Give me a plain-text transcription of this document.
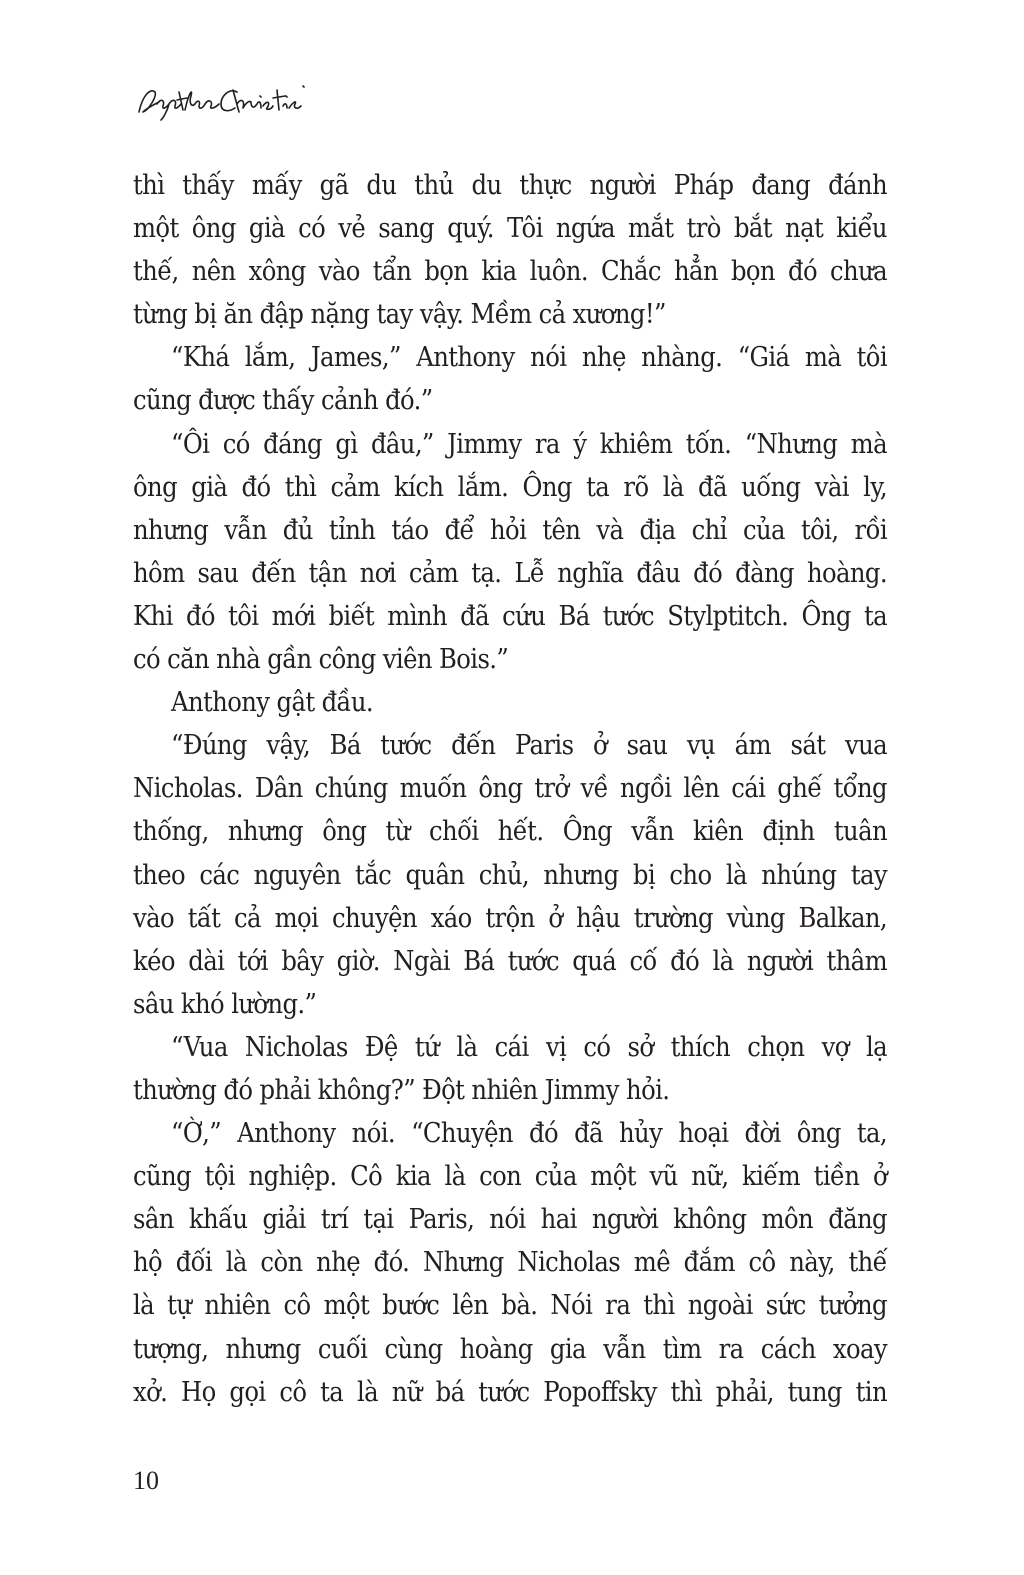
thì thấy mấy gã du thủ du thực người Pháp đang đánh
một ông già có vẻ sang quý. Tôi ngứa mắt trò bắt nạt kiểu
thế, nên xông vào tẩn bọn kia luôn. Chắc hẳn bọn đó chưa
từng bị ăn đập nặng tay vậy. Mềm cả xương!”

“Khá lắm, James,” Anthony nói nhẹ nhàng. “Giá mà tôi
cũng được thấy cảnh đó.”

“Ôi có đáng gì đâu,” Jimmy ra ý khiêm tốn. “Nhưng mà
ông già đó thì cảm kích lắm. Ông ta rõ là đã uống vài ly,
nhưng vẫn đủ tỉnh táo để hỏi tên và địa chỉ của tôi, rồi
hôm sau đến tận nơi cảm tạ. Lễ nghĩa đâu đó đàng hoàng.
Khi đó tôi mới biết mình đã cứu Bá tước Stylptitch. Ông ta
có căn nhà gần công viên Bois.”

Anthony gật đầu.

“Đúng vậy, Bá tước đến Paris ở sau vụ ám sát vua
Nicholas. Dân chúng muốn ông trở về ngồi lên cái ghế tổng
thống, nhưng ông từ chối hết. Ông vẫn kiên định tuân
theo các nguyên tắc quân chủ, nhưng bị cho là nhúng tay
vào tất cả mọi chuyện xáo trộn ở hậu trường vùng Balkan,
kéo dài tới bây giờ. Ngài Bá tước quá cố đó là người thâm
sâu khó lường.”

“Vua Nicholas Đệ tứ là cái vị có sở thích chọn vợ lạ
thường đó phải không?” Đột nhiên Jimmy hỏi.

“Ờ,” Anthony nói. “Chuyện đó đã hủy hoại đời ông ta,
cũng tội nghiệp. Cô kia là con của một vũ nữ, kiếm tiền ở
sân khấu giải trí tại Paris, nói hai người không môn đăng
hộ đối là còn nhẹ đó. Nhưng Nicholas mê đắm cô này, thế
là tự nhiên cô một bước lên bà. Nói ra thì ngoài sức tưởng
tượng, nhưng cuối cùng hoàng gia vẫn tìm ra cách xoay
xở. Họ gọi cô ta là nữ bá tước Popoffsky thì phải, tung tin

10
